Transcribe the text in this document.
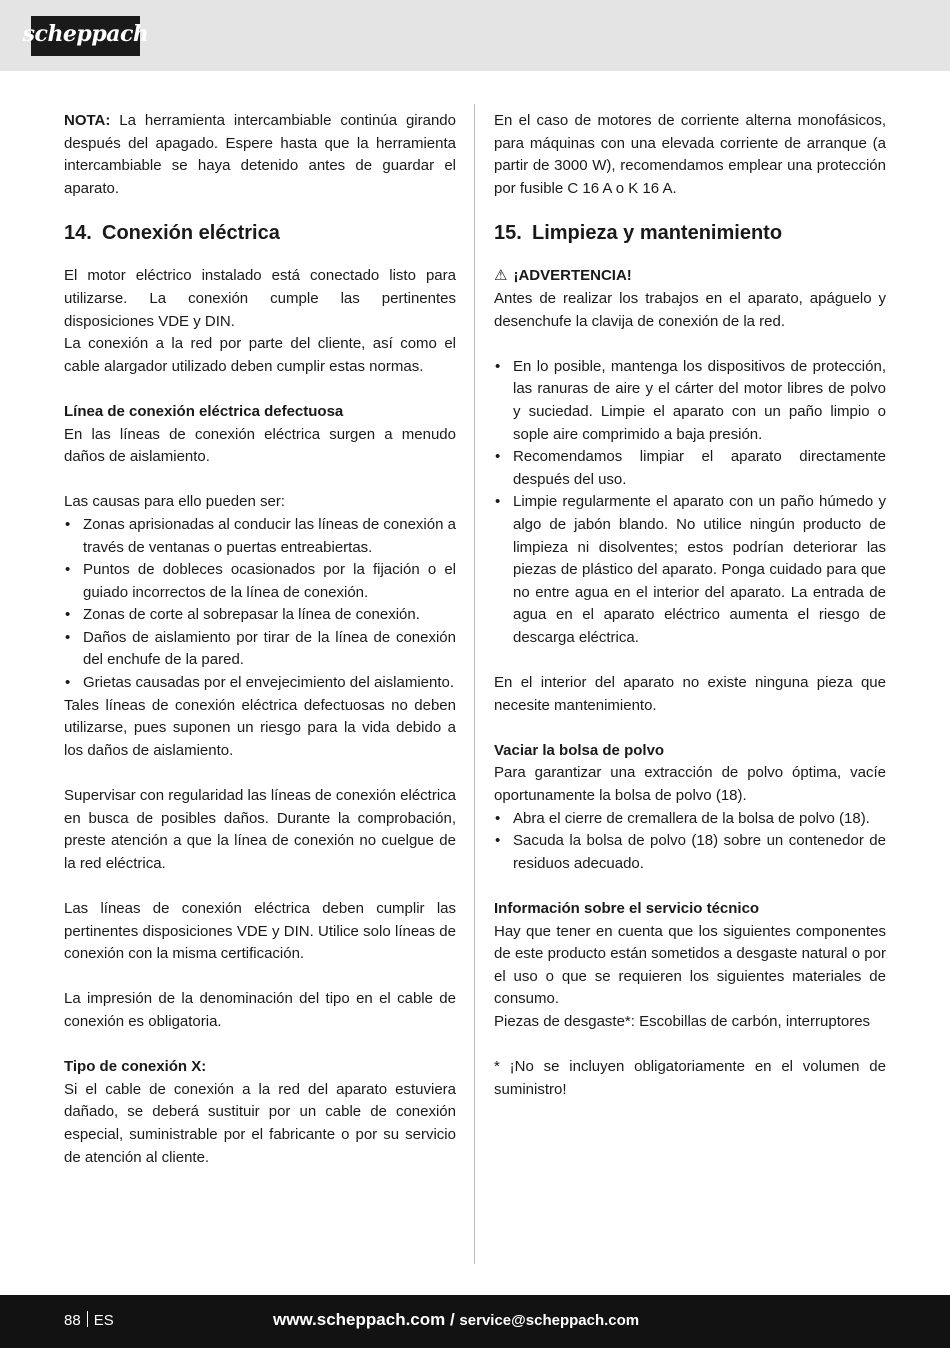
scheppach

NOTA: La herramienta intercambiable continúa girando después del apagado. Espere hasta que la herramienta intercambiable se haya detenido antes de guardar el aparato.

14. Conexión eléctrica

El motor eléctrico instalado está conectado listo para utilizarse. La conexión cumple las pertinentes disposiciones VDE y DIN.

La conexión a la red por parte del cliente, así como el cable alargador utilizado deben cumplir estas normas.

Línea de conexión eléctrica defectuosa

En las líneas de conexión eléctrica surgen a menudo daños de aislamiento.

Las causas para ello pueden ser:

• Zonas aprisionadas al conducir las líneas de conexión a través de ventanas o puertas entreabiertas.
• Puntos de dobleces ocasionados por la fijación o el guiado incorrectos de la línea de conexión.
• Zonas de corte al sobrepasar la línea de conexión.
• Daños de aislamiento por tirar de la línea de conexión del enchufe de la pared.
• Grietas causadas por el envejecimiento del aislamiento.

Tales líneas de conexión eléctrica defectuosas no deben utilizarse, pues suponen un riesgo para la vida debido a los daños de aislamiento.

Supervisar con regularidad las líneas de conexión eléctrica en busca de posibles daños. Durante la comprobación, preste atención a que la línea de conexión no cuelgue de la red eléctrica.

Las líneas de conexión eléctrica deben cumplir las pertinentes disposiciones VDE y DIN. Utilice solo líneas de conexión con la misma certificación.

La impresión de la denominación del tipo en el cable de conexión es obligatoria.

Tipo de conexión X:

Si el cable de conexión a la red del aparato estuviera dañado, se deberá sustituir por un cable de conexión especial, suministrable por el fabricante o por su servicio de atención al cliente.

En el caso de motores de corriente alterna monofásicos, para máquinas con una elevada corriente de arranque (a partir de 3000 W), recomendamos emplear una protección por fusible C 16 A o K 16 A.

15. Limpieza y mantenimiento

⚠ ¡ADVERTENCIA!

Antes de realizar los trabajos en el aparato, apáguelo y desenchufe la clavija de conexión de la red.

• En lo posible, mantenga los dispositivos de protección, las ranuras de aire y el cárter del motor libres de polvo y suciedad. Limpie el aparato con un paño limpio o sople aire comprimido a baja presión.
• Recomendamos limpiar el aparato directamente después del uso.
• Limpie regularmente el aparato con un paño húmedo y algo de jabón blando. No utilice ningún producto de limpieza ni disolventes; estos podrían deteriorar las piezas de plástico del aparato. Ponga cuidado para que no entre agua en el interior del aparato. La entrada de agua en el aparato eléctrico aumenta el riesgo de descarga eléctrica.

En el interior del aparato no existe ninguna pieza que necesite mantenimiento.

Vaciar la bolsa de polvo

Para garantizar una extracción de polvo óptima, vacíe oportunamente la bolsa de polvo (18).

• Abra el cierre de cremallera de la bolsa de polvo (18).
• Sacuda la bolsa de polvo (18) sobre un contenedor de residuos adecuado.

Información sobre el servicio técnico

Hay que tener en cuenta que los siguientes componentes de este producto están sometidos a desgaste natural o por el uso o que se requieren los siguientes materiales de consumo.

Piezas de desgaste*: Escobillas de carbón, interruptores

* ¡No se incluyen obligatoriamente en el volumen de suministro!

88 ES	www.scheppach.com / service@scheppach.com
